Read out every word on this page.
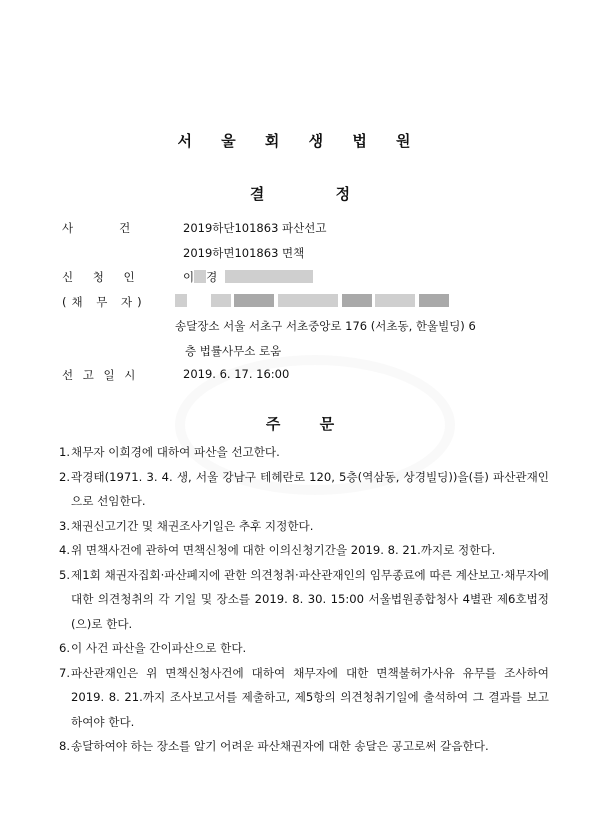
서 울 회 생 법 원
결 정
사건 2019하단101863 파산선고
2019하면101863 면책
신 청 인	이 경
(채 무 자)

송달장소 서울 서초구 서초중앙로 176 (서초동, 한울빌딩) 6
층 법률사무소 로움
선 고 일 시	2019. 6. 17. 16:00
주 문
1. 채무자 이희경에 대하여 파산을 선고한다.
2. 곽경태(1971. 3. 4. 생, 서울 강남구 테헤란로 120, 5층(역삼동, 상경빌딩))을(를) 파산관재인으로 선임한다.
3. 채권신고기간 및 채권조사기일은 추후 지정한다.
4. 위 면책사건에 관하여 면책신청에 대한 이의신청기간을 2019. 8. 21.까지로 정한다.
5. 제1회 채권자집회·파산폐지에 관한 의견청취·파산관재인의 임무종료에 따른 계산보고·채무자에 대한 의견청취의 각 기일 및 장소를 2019. 8. 30. 15:00 서울법원종합청사 4별관 제6호법정(으)로 한다.
6. 이 사건 파산을 간이파산으로 한다.
7. 파산관재인은 위 면책신청사건에 대하여 채무자에 대한 면책불허가사유 유무를 조사하여 2019. 8. 21.까지 조사보고서를 제출하고, 제5항의 의견청취기일에 출석하여 그 결과를 보고하여야 한다.
8. 송달하여야 하는 장소를 알기 어려운 파산채권자에 대한 송달은 공고로써 갈음한다.
